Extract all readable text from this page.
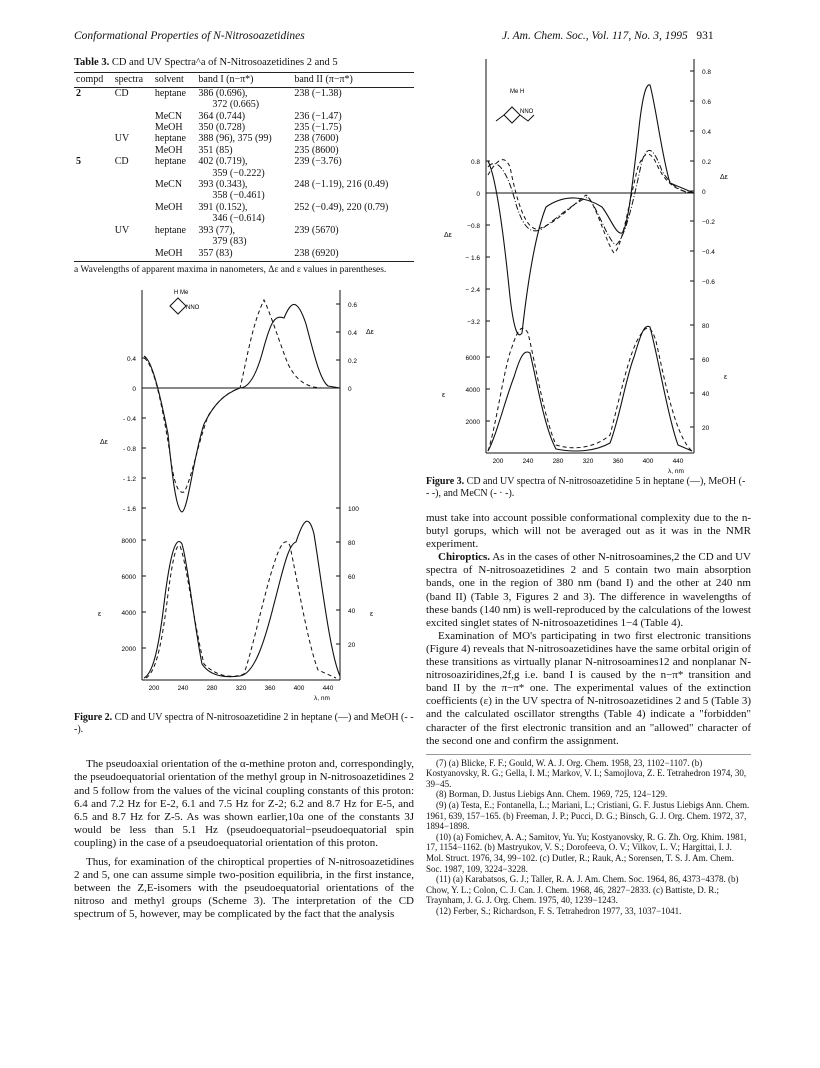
Conformational Properties of N-Nitrosoazetidines	J. Am. Chem. Soc., Vol. 117, No. 3, 1995 931
Table 3. CD and UV Spectra^a of N-Nitrosoazetidines 2 and 5
compd	spectra	solvent	band I (n−π*)	band II (π−π*)
2	CD	heptane	386 (0.696),	238 (−1.38)
			372 (0.665)	
		MeCN	364 (0.744)	236 (−1.47)
		MeOH	350 (0.728)	235 (−1.75)
	UV	heptane	388 (96), 375 (99)	238 (7600)
		MeOH	351 (85)	235 (8600)
5	CD	heptane	402 (0.719),	239 (−3.76)
			359 (−0.222)	
		MeCN	393 (0.343),	248 (−1.19), 216 (0.49)
			358 (−0.461)	
		MeOH	391 (0.152),	252 (−0.49), 220 (0.79)
			346 (−0.614)	
	UV	heptane	393 (77),	239 (5670)
			379 (83)	
		MeOH	357 (83)	238 (6920)

a Wavelengths of apparent maxima in nanometers, Δε and ε values in parentheses.

H Me
NNO
0.4
0
- 0.4
- 0.8
- 1.2
- 1.6
8000
6000
4000
2000
0.6
0.4
0.2
0
100
80
60
40
20
200	240	280	320	360	400	440
λ, nm
Δε
ε
Δε
ε
Figure 2. CD and UV spectra of N-nitrosoazetidine 2 in heptane (—) and MeOH (- - -).

The pseudoaxial orientation of the α-methine proton and, correspondingly, the pseudoequatorial orientation of the methyl group in N-nitrosoazetidines 2 and 5 follow from the values of the vicinal coupling constants of this proton: 6.4 and 7.2 Hz for E-2, 6.1 and 7.5 Hz for Z-2; 6.2 and 8.7 Hz for E-5, and 6.5 and 8.7 Hz for Z-5. As was shown earlier,10a one of the constants 3J would be less than 5.1 Hz (pseudoequatorial−pseudoequatorial spin coupling) in the case of a pseudoequatorial orientation of this proton.

Thus, for examination of the chiroptical properties of N-nitrosoazetidines 2 and 5, one can assume simple two-position equilibria, in the first instance, between the Z,E-isomers with the pseudoequatorial orientations of the nitroso and methyl groups (Scheme 3). The interpretation of the CD spectrum of 5, however, may be complicated by the fact that the analysis

Me H
NNO
0.8
0
−0.8
− 1.6
− 2.4
−3.2
6000
4000
2000
0.8
0.6
0.4
0.2
0
−0.2
−0.4
−0.6
80
60
40
20
200	240	280	320	360	400	440
λ, nm
Δε
ε
Δε
ε
Figure 3. CD and UV spectra of N-nitrosoazetidine 5 in heptane (—), MeOH (- - -), and MeCN (- · -).

must take into account possible conformational complexity due to the n-butyl gorups, which will not be averaged out as it was in the NMR experiment.

Chiroptics. As in the cases of other N-nitrosoamines,2 the CD and UV spectra of N-nitrosoazetidines 2 and 5 contain two main absorption bands, one in the region of 380 nm (band I) and the other at 240 nm (band II) (Table 3, Figures 2 and 3). The difference in wavelengths of these bands (140 nm) is well-reproduced by the calculations of the lowest excited singlet states of N-nitrosoazetidines 1−4 (Table 4).

Examination of MO's participating in two first electronic transitions (Figure 4) reveals that N-nitrosoazetidines have the same orbital origin of these transitions as virtually planar N-nitrosoamines12 and nonplanar N-nitrosoaziridines,2f,g i.e. band I is caused by the n−π* transition and band II by the π−π* one. The experimental values of the extinction coefficients (ε) in the UV spectra of N-nitrosoazetidines 2 and 5 (Table 3) and the calculated oscillator strengths (Table 4) indicate a "forbidden" character of the first electronic transition and an "allowed" character of the second one and confirm the assignment.

(7) (a) Blicke, F. F.; Gould, W. A. J. Org. Chem. 1958, 23, 1102−1107. (b) Kostyanovsky, R. G.; Gella, I. M.; Markov, V. I.; Samojlova, Z. E. Tetrahedron 1974, 30, 39−45.

(8) Borman, D. Justus Liebigs Ann. Chem. 1969, 725, 124−129.

(9) (a) Testa, E.; Fontanella, L.; Mariani, L.; Cristiani, G. F. Justus Liebigs Ann. Chem. 1961, 639, 157−165. (b) Freeman, J. P.; Pucci, D. G.; Binsch, G. J. Org. Chem. 1972, 37, 1894−1898.

(10) (a) Fomichev, A. A.; Samitov, Yu. Yu; Kostyanovsky, R. G. Zh. Org. Khim. 1981, 17, 1154−1162. (b) Mastryukov, V. S.; Dorofeeva, O. V.; Vilkov, L. V.; Hargittai, I. J. Mol. Struct. 1976, 34, 99−102. (c) Dutler, R.; Rauk, A.; Sorensen, T. S. J. Am. Chem. Soc. 1987, 109, 3224−3228.

(11) (a) Karabatsos, G. J.; Taller, R. A. J. Am. Chem. Soc. 1964, 86, 4373−4378. (b) Chow, Y. L.; Colon, C. J. Can. J. Chem. 1968, 46, 2827−2833. (c) Battiste, D. R.; Traynham, J. G. J. Org. Chem. 1975, 40, 1239−1243.

(12) Ferber, S.; Richardson, F. S. Tetrahedron 1977, 33, 1037−1041.
